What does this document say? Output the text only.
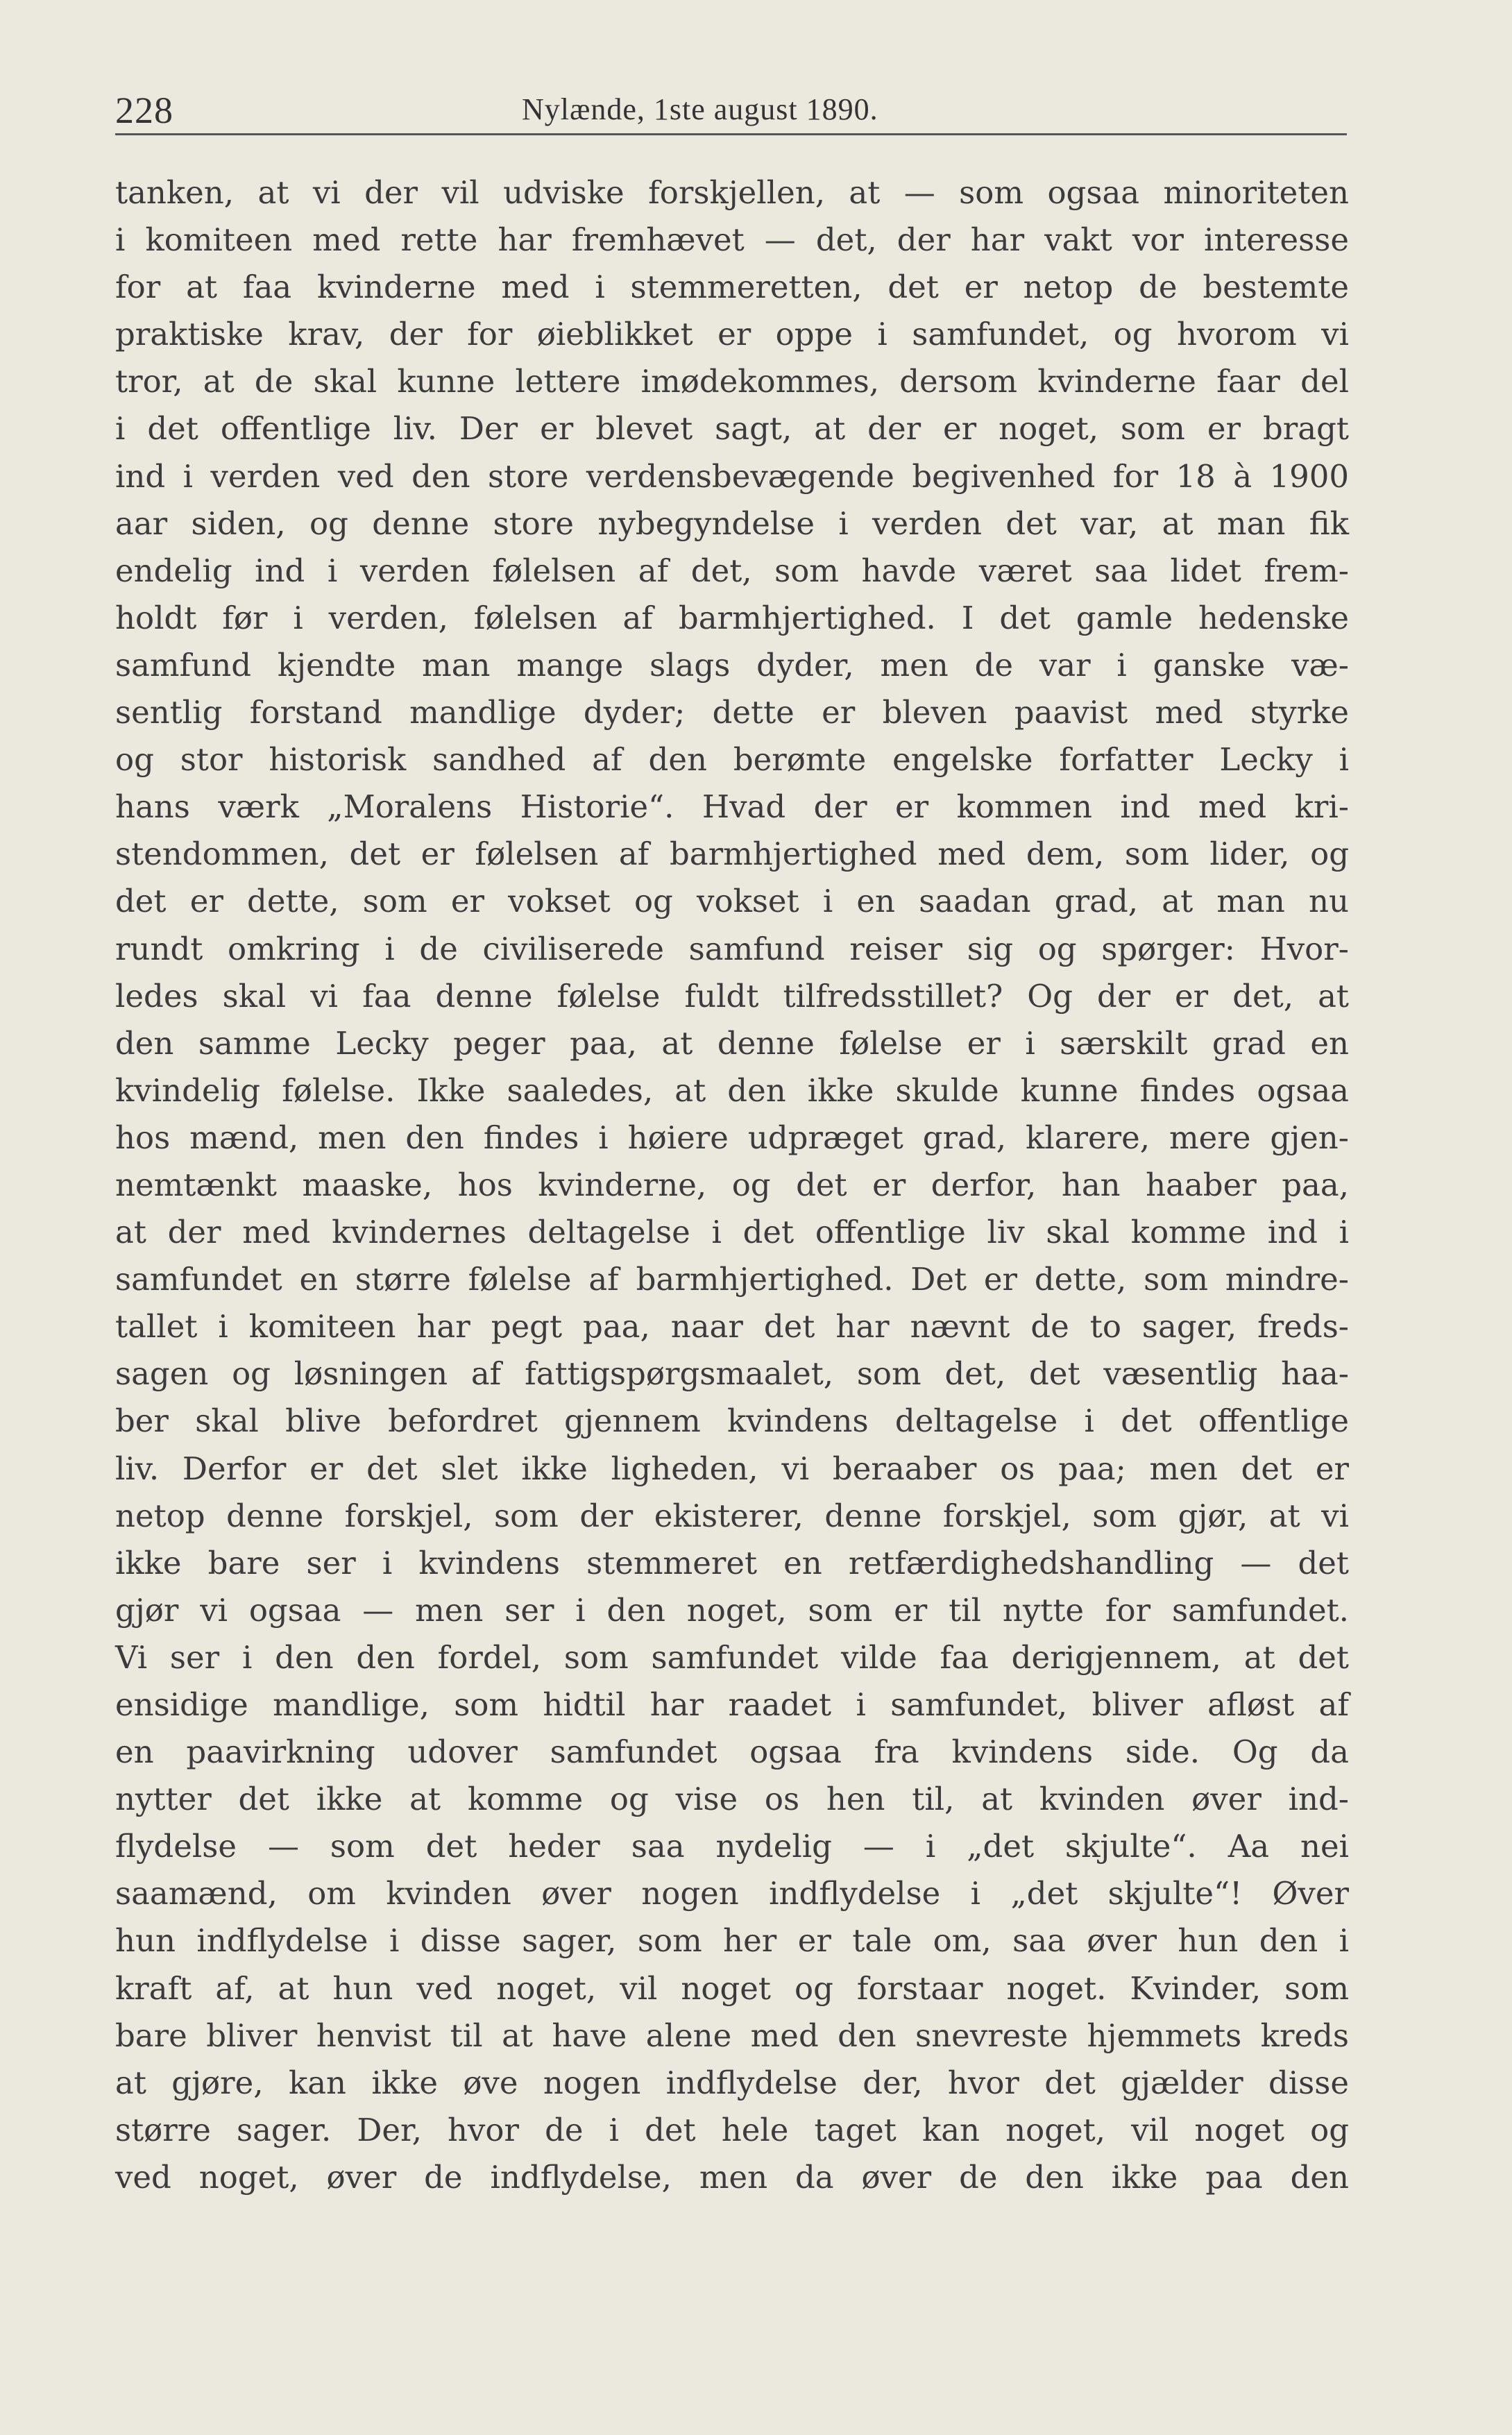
228	Nylænde, 1ste august 1890.
tanken, at vi der vil udviske forskjellen, at — som ogsaa minoriteten
i komiteen med rette har fremhævet — det, der har vakt vor interesse
for at faa kvinderne med i stemmeretten, det er netop de bestemte
praktiske krav, der for øieblikket er oppe i samfundet, og hvorom vi
tror, at de skal kunne lettere imødekommes, dersom kvinderne faar del
i det offentlige liv. Der er blevet sagt, at der er noget, som er bragt
ind i verden ved den store verdensbevægende begivenhed for 18 à 1900
aar siden, og denne store nybegyndelse i verden det var, at man fik
endelig ind i verden følelsen af det, som havde været saa lidet frem-
holdt før i verden, følelsen af barmhjertighed. I det gamle hedenske
samfund kjendte man mange slags dyder, men de var i ganske væ-
sentlig forstand mandlige dyder; dette er bleven paavist med styrke
og stor historisk sandhed af den berømte engelske forfatter Lecky i
hans værk „Moralens Historie“. Hvad der er kommen ind med kri-
stendommen, det er følelsen af barmhjertighed med dem, som lider, og
det er dette, som er vokset og vokset i en saadan grad, at man nu
rundt omkring i de civiliserede samfund reiser sig og spørger: Hvor-
ledes skal vi faa denne følelse fuldt tilfredsstillet? Og der er det, at
den samme Lecky peger paa, at denne følelse er i særskilt grad en
kvindelig følelse. Ikke saaledes, at den ikke skulde kunne findes ogsaa
hos mænd, men den findes i høiere udpræget grad, klarere, mere gjen-
nemtænkt maaske, hos kvinderne, og det er derfor, han haaber paa,
at der med kvindernes deltagelse i det offentlige liv skal komme ind i
samfundet en større følelse af barmhjertighed. Det er dette, som mindre-
tallet i komiteen har pegt paa, naar det har nævnt de to sager, freds-
sagen og løsningen af fattigspørgsmaalet, som det, det væsentlig haa-
ber skal blive befordret gjennem kvindens deltagelse i det offentlige
liv. Derfor er det slet ikke ligheden, vi beraaber os paa; men det er
netop denne forskjel, som der ekisterer, denne forskjel, som gjør, at vi
ikke bare ser i kvindens stemmeret en retfærdighedshandling — det
gjør vi ogsaa — men ser i den noget, som er til nytte for samfundet.
Vi ser i den den fordel, som samfundet vilde faa derigjennem, at det
ensidige mandlige, som hidtil har raadet i samfundet, bliver afløst af
en paavirkning udover samfundet ogsaa fra kvindens side. Og da
nytter det ikke at komme og vise os hen til, at kvinden øver ind-
flydelse — som det heder saa nydelig — i „det skjulte“. Aa nei
saamænd, om kvinden øver nogen indflydelse i „det skjulte“! Øver
hun indflydelse i disse sager, som her er tale om, saa øver hun den i
kraft af, at hun ved noget, vil noget og forstaar noget. Kvinder, som
bare bliver henvist til at have alene med den snevreste hjemmets kreds
at gjøre, kan ikke øve nogen indflydelse der, hvor det gjælder disse
større sager. Der, hvor de i det hele taget kan noget, vil noget og
ved noget, øver de indflydelse, men da øver de den ikke paa den
